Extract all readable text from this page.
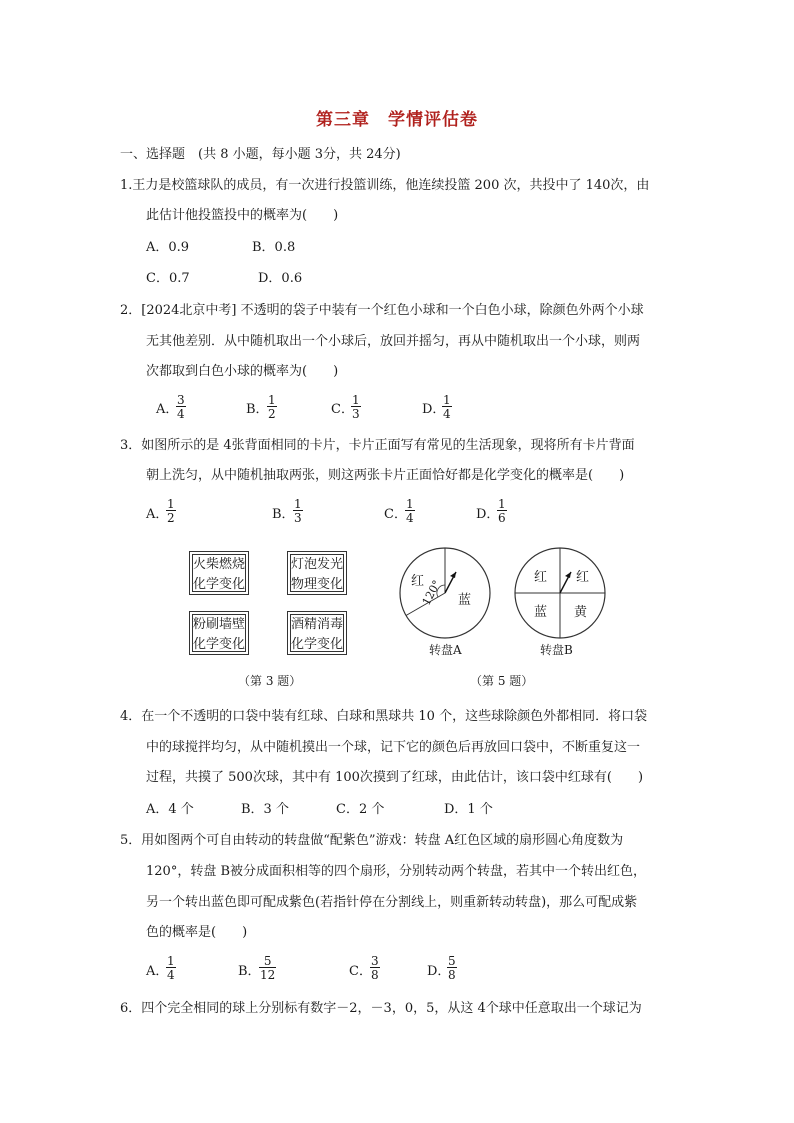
第三章　学情评估卷
一、选择题　(共 8 小题，每小题 3分，共 24分)
1.王力是校篮球队的成员，有一次进行投篮训练，他连续投篮 200 次，共投中了 140次，由
此估计他投篮投中的概率为(　　)
A．0.9	B．0.8
C．0.7	D．0.6
2．[2024北京中考] 不透明的袋子中装有一个红色小球和一个白色小球，除颜色外两个小球
无其他差别．从中随机取出一个小球后，放回并摇匀，再从中随机取出一个小球，则两
次都取到白色小球的概率为(　　)
A．
$\frac{3}{4}$	B．
$\frac{1}{2}$	C．
$\frac{1}{3}$	D．
$\frac{1}{4}$
3．如图所示的是 4张背面相同的卡片，卡片正面写有常见的生活现象，现将所有卡片背面
朝上洗匀，从中随机抽取两张，则这两张卡片正面恰好都是化学变化的概率是(　　)
A．
$\frac{1}{2}$	B．
$\frac{1}{3}$	C．
$\frac{1}{4}$	D．
$\frac{1}{6}$
火柴燃烧
化学变化
灯泡发光
物理变化
粉刷墙壁
化学变化
酒精消毒
化学变化
（第 3 题）
红
120° 蓝
转盘A
红 红
蓝 黄
转盘B
（第 5 题）
4．在一个不透明的口袋中装有红球、白球和黑球共 10 个，这些球除颜色外都相同．将口袋
中的球搅拌均匀，从中随机摸出一个球，记下它的颜色后再放回口袋中，不断重复这一
过程，共摸了 500次球，其中有 100次摸到了红球，由此估计，该口袋中红球有(　　)
A．4 个	B．3 个	C．2 个	D．1 个
5．用如图两个可自由转动的转盘做“配紫色”游戏：转盘 A红色区域的扇形圆心角度数为
120°，转盘 B被分成面积相等的四个扇形，分别转动两个转盘，若其中一个转出红色，
另一个转出蓝色即可配成紫色(若指针停在分割线上，则重新转动转盘)，那么可配成紫
色的概率是(　　)
A．
$\frac{1}{4}$	B．
$\frac{5}{12}$	C．
$\frac{3}{8}$	D．
$\frac{5}{8}$
6．四个完全相同的球上分别标有数字－2，－3，0，5，从这 4个球中任意取出一个球记为
